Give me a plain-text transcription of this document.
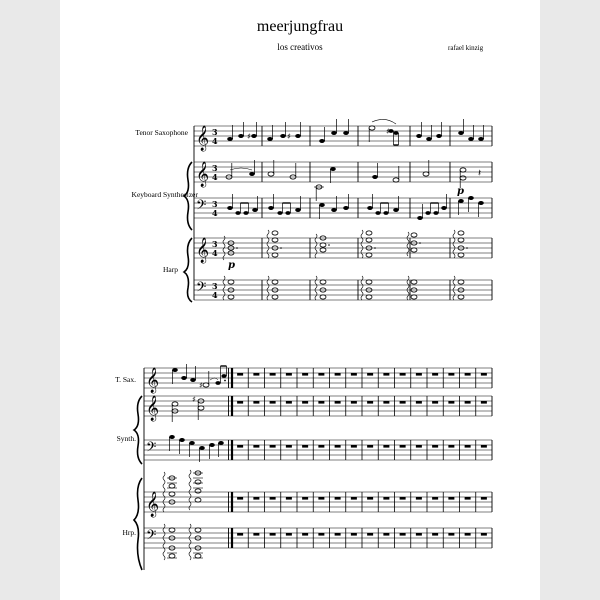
meerjungfrau
los creativos	rafael kinzig
Tenor Saxophone
Keyboard Synthesizer
Harp
T. Sax.
Synth.
Hrp.
𝄞 3
4	♯	♯
♯
𝄞 3
4	𝄽
𝄢 3
4
p
𝄞 3
4
p
𝄢 3
4
𝄞	♯
𝄞	♯
𝄢
𝄞
𝄢
